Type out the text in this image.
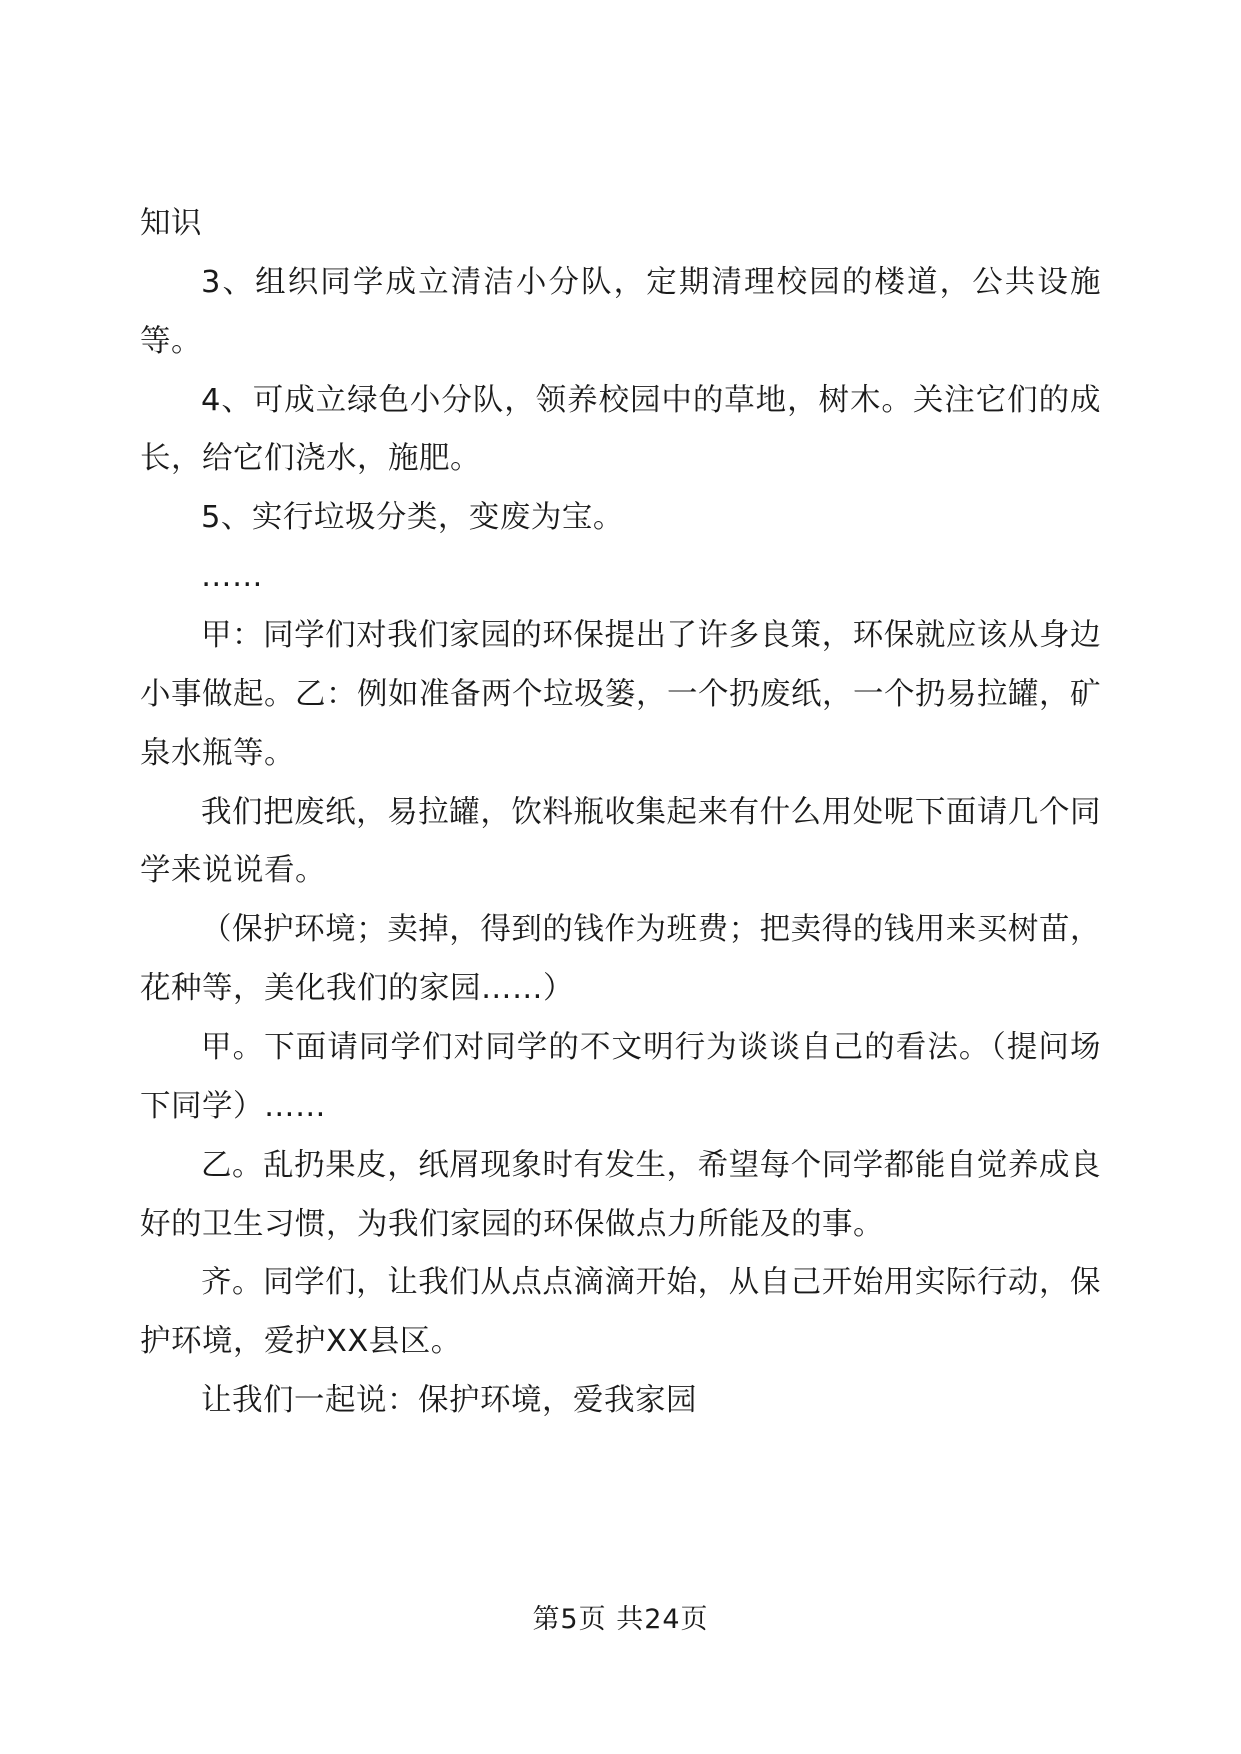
知识

3、组织同学成立清洁小分队，定期清理校园的楼道，公共设施等。

4、可成立绿色小分队，领养校园中的草地，树木。关注它们的成长，给它们浇水，施肥。

5、实行垃圾分类，变废为宝。

……

甲：同学们对我们家园的环保提出了许多良策，环保就应该从身边小事做起。乙：例如准备两个垃圾篓，一个扔废纸，一个扔易拉罐，矿泉水瓶等。

我们把废纸，易拉罐，饮料瓶收集起来有什么用处呢下面请几个同学来说说看。

（保护环境；卖掉，得到的钱作为班费；把卖得的钱用来买树苗，花种等，美化我们的家园……）

甲。下面请同学们对同学的不文明行为谈谈自己的看法。（提问场下同学）……

乙。乱扔果皮，纸屑现象时有发生，希望每个同学都能自觉养成良好的卫生习惯，为我们家园的环保做点力所能及的事。

齐。同学们，让我们从点点滴滴开始，从自己开始用实际行动，保护环境，爱护XX县区。

让我们一起说：保护环境，爱我家园

第5页 共24页
